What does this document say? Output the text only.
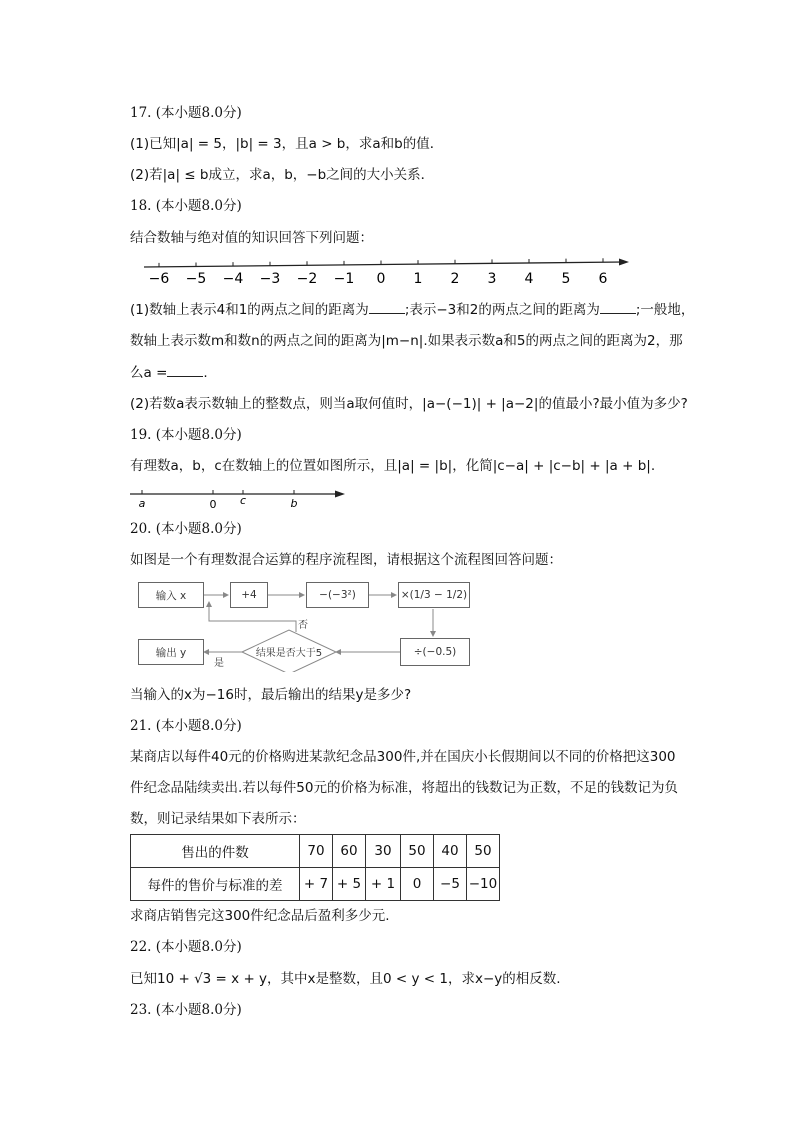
17. (本小题8.0分)
(1)已知|a| = 5，|b| = 3，且a > b，求a和b的值．
(2)若|a| ≤ b成立，求a，b，−b之间的大小关系．
18. (本小题8.0分)
结合数轴与绝对值的知识回答下列问题：
−6 −5 −4 −3 −2 −1 0 1 2 3 4 5 6
(1)数轴上表示4和1的两点之间的距离为	;表示−3和2的两点之间的距离为	;一般地，
数轴上表示数m和数n的两点之间的距离为|m−n|.如果表示数a和5的两点之间的距离为2，那
么a =	.
(2)若数a表示数轴上的整数点，则当a取何值时，|a−(−1)| + |a−2|的值最小?最小值为多少?
19. (本小题8.0分)
有理数a，b，c在数轴上的位置如图所示，且|a| = |b|，化简|c−a| + |c−b| + |a + b|.
a	0 c	b
20. (本小题8.0分)
如图是一个有理数混合运算的程序流程图，请根据这个流程图回答问题：
输入 x	+4	−(−3²)	×(1/3 − 1/2)
÷(−0.5)
结果是否大于5
输出 y
否
是
当输入的x为−16时，最后输出的结果y是多少?
21. (本小题8.0分)
某商店以每件40元的价格购进某款纪念品300件,并在国庆小长假期间以不同的价格把这300
件纪念品陆续卖出.若以每件50元的价格为标准，将超出的钱数记为正数，不足的钱数记为负
数，则记录结果如下表所示：
售出的件数	70	60	30	50	40	50
每件的售价与标准的差	+ 7	+ 5	+ 1	0	−5	−10
求商店销售完这300件纪念品后盈利多少元.
22. (本小题8.0分)
已知10 + √3 = x + y，其中x是整数，且0 < y < 1，求x−y的相反数.
23. (本小题8.0分)
